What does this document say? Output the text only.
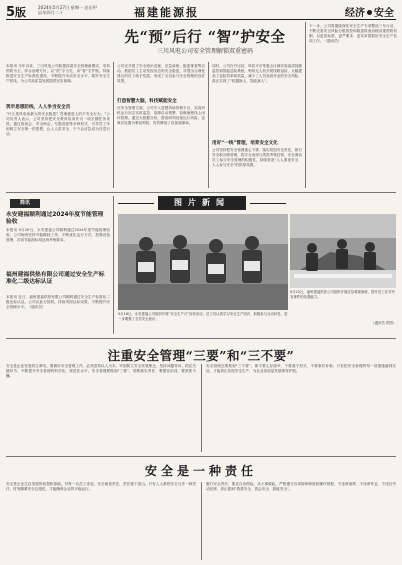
5版	2024年5月27日 星期一 农历甲辰年四月二十	福建能源报	经济 安全
先“预”后行 “智”护安全
三川风电公司安全管理解锁双重密码
本报讯 今年以来，三川风电公司积极探索安全管理新模式，坚持预防为主、综合治理方针，以“预”字当先，用“智”字护航，持续推进安全生产标准化建设，不断提升本质安全水平，筑牢安全生产防线，为公司高质量发展提供坚实保障。
筑牢思想防线，人人争当安全员
“什么是风电场最大的安全隐患？答案就是人的不安全行为。”公司负责人表示，公司坚持把安全教育培训作为一项长期任务来抓，通过班前会、安全例会、专题讲座等多种形式，引导员工牢固树立安全第一的思想，让人人讲安全、个个会应急成为自觉行动。
公司还开展了安全知识竞赛、应急演练、隐患排查等活动，鼓励员工主动发现身边的安全隐患，对提出合理化建议的员工给予奖励，形成了全员参与安全管理的良好氛围。
打造智慧大脑，科技赋能安全
在安全管理方面，公司引入智慧风场管理平台，实现风机运行状态实时监控、故障自动预警、检修流程线上闭环管理。通过大数据分析，提前研判设备运行风险，变事后处置为事前预防，有效降低了设备故障率。
同时，公司在升压站、风机平台等重点区域安装高清视频监控和智能巡检系统，利用无人机开展线路巡检，大幅提高了巡检效率和质量，减少了人员登高作业的安全风险，真正实现了“机器换人、智能减人”。
用好“一线”管理，培育安全文化
公司坚持把安全管理重心下移，落实班组安全责任，推行安全积分制管理，将安全表现与绩效考核挂钩，充分调动员工参与安全管理的积极性，持续营造“人人重视安全、人人参与安全”的浓厚氛围。
下一步，公司将继续深化安全生产专项整治三年行动，不断完善安全风险分级管控和隐患排查治理双重预防机制，以更高标准、更严要求、更实举措抓好安全生产各项工作。（通讯员）
简讯
永安建福顺利通过2024年度节能管理验收
本报讯 5月20日，永安建福公司顺利通过2024年度节能管理验收。公司始终坚持节能降耗工作，不断优化运行方式，加强设备管理，各项节能指标均达到考核要求。
福州建福供热有限公司通过安全生产标准化二级达标认证
本报讯 近日，福州建福供热有限公司顺利通过安全生产标准化二级达标认证。公司以此为契机，持续巩固达标成果，不断提升安全管理水平。（通讯员）
图片新闻
5月16日，永安建福公司组织开展“安全生产月”宣传活动，员工们认真学习安全生产知识，积极参与互动问答，进一步增强了全员安全意识。
5月22日，福州建福供热公司组织开展应急救援演练，提升员工应对突发事件的处置能力。
（通讯员 供图）
注重安全管理“三要”和“三不要”
安全是企业发展的生命线。要做好安全管理工作，必须坚持以人为本，牢固树立安全发展理念，坚持问题导向，抓住关键环节，不断提升安全管理的科学化、规范化水平。安全管理要做到“三要”，即要落实责任、要强化培训、要常抓不懈。
安全管理还要做到“三不要”，即不要心存侥幸、不要流于形式、不要事后补救。只有把安全管理的每一项措施落到实处，才能真正实现安全生产，为企业高质量发展保驾护航。
安全是一种责任
安全是企业生存发展的前提和基础。对每一名员工来说，安全就是责任，责任重于泰山。只有人人都把安全当作一种责任，时刻绷紧安全这根弦，才能确保企业的平稳运行。
履行安全责任，要从自身做起，从小事做起，严格遵守各项规章制度和操作规程，不违章指挥、不违章作业、不违反劳动纪律，真正做到“我要安全、我会安全、我能安全”。
